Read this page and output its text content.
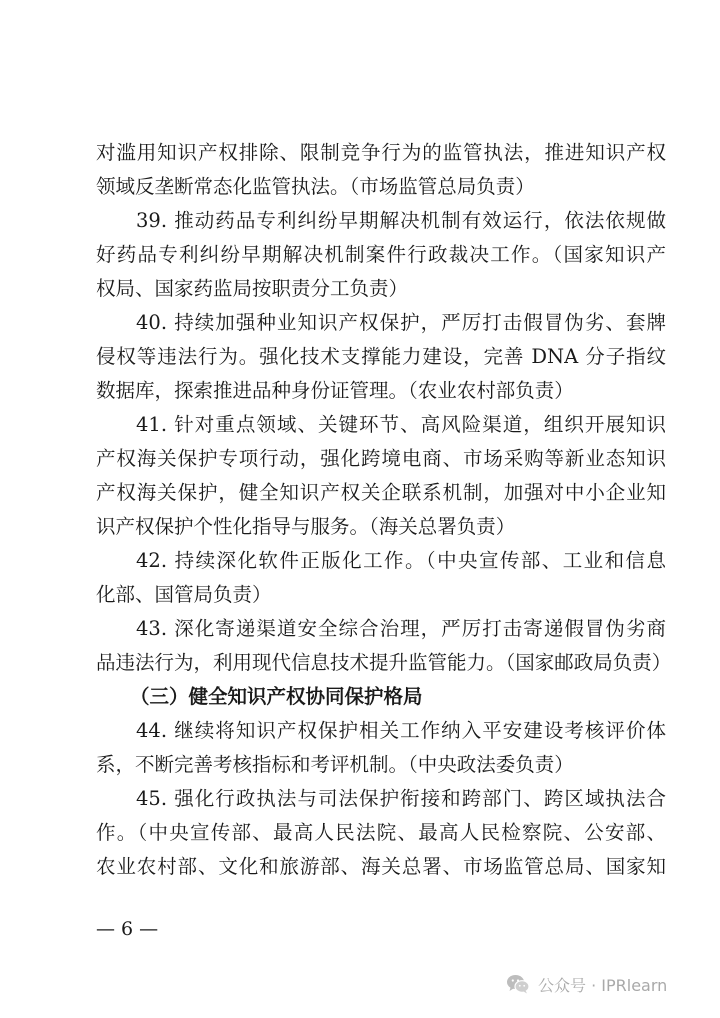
对滥用知识产权排除、限制竞争行为的监管执法，推进知识产权
领域反垄断常态化监管执法。（市场监管总局负责）
39. 推动药品专利纠纷早期解决机制有效运行，依法依规做
好药品专利纠纷早期解决机制案件行政裁决工作。（国家知识产
权局、国家药监局按职责分工负责）
40. 持续加强种业知识产权保护，严厉打击假冒伪劣、套牌
侵权等违法行为。强化技术支撑能力建设，完善 DNA 分子指纹
数据库，探索推进品种身份证管理。（农业农村部负责）
41. 针对重点领域、关键环节、高风险渠道，组织开展知识
产权海关保护专项行动，强化跨境电商、市场采购等新业态知识
产权海关保护，健全知识产权关企联系机制，加强对中小企业知
识产权保护个性化指导与服务。（海关总署负责）
42. 持续深化软件正版化工作。（中央宣传部、工业和信息
化部、国管局负责）
43. 深化寄递渠道安全综合治理，严厉打击寄递假冒伪劣商
品违法行为，利用现代信息技术提升监管能力。（国家邮政局负责）
（三）健全知识产权协同保护格局
44. 继续将知识产权保护相关工作纳入平安建设考核评价体
系，不断完善考核指标和考评机制。（中央政法委负责）
45. 强化行政执法与司法保护衔接和跨部门、跨区域执法合
作。（中央宣传部、最高人民法院、最高人民检察院、公安部、
农业农村部、文化和旅游部、海关总署、市场监管总局、国家知
— 6 —
公众号 · IPRlearn
